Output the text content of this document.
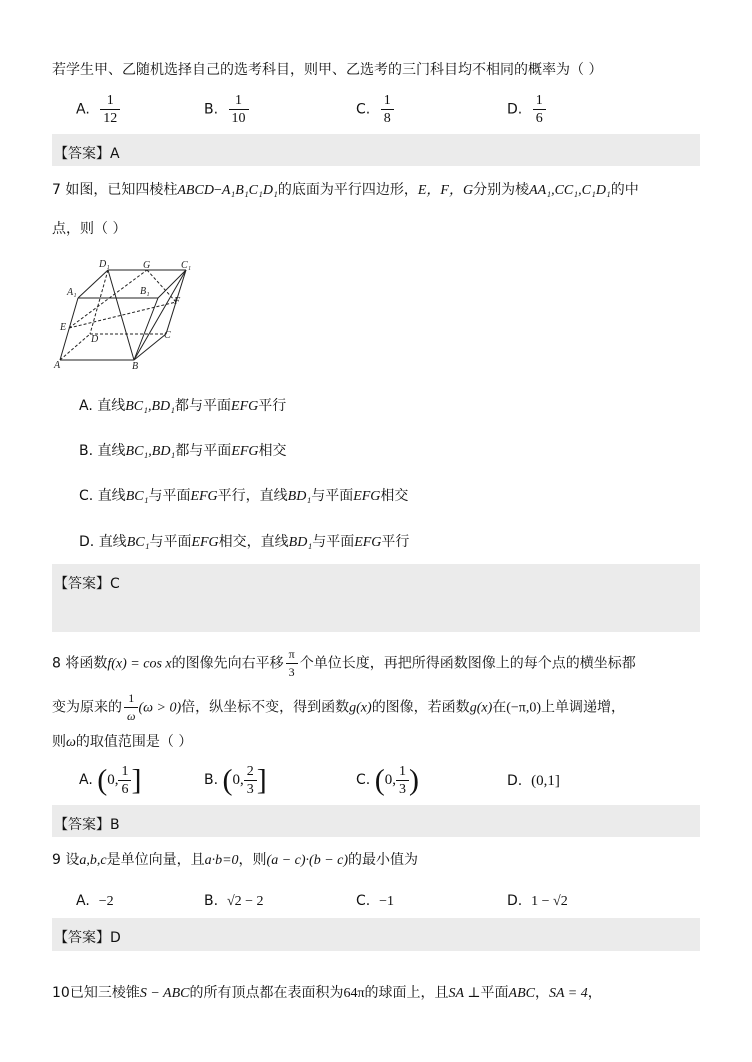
若学生甲、乙随机选择自己的选考科目，则甲、乙选考的三门科目均不相同的概率为（ ）
A. $\frac{1}{12}$	B. $\frac{1}{10}$	C. $\frac{1}{8}$	D. $\frac{1}{6}$
【答案】A
7 如图，已知四棱柱ABCD−A₁B₁C₁D₁的底面为平行四边形，E，F，G分别为棱AA₁,CC₁,C₁D₁的中
点，则（ ）
D₁	G	C₁
A₁	B₁
F
E
D	C
A	B
A. 直线BC₁,BD₁都与平面EFG平行
B. 直线BC₁,BD₁都与平面EFG相交
C. 直线BC₁与平面EFG平行，直线BD₁与平面EFG相交
D. 直线BC₁与平面EFG相交，直线BD₁与平面EFG平行
【答案】C
8 将函数f(x) = cos x的图像先向右平移 $\frac{\pi}{3}$ 个单位长度，再把所得函数图像上的每个点的横坐标都
变为原来的 $\frac{1}{\omega} (\omega > 0)$倍，纵坐标不变，得到函数g(x)的图像，若函数g(x)在(−π,0)上单调递增，
则ω的取值范围是（ ）
A. (0, $\frac{1}{6}$ ]	B. (0, $\frac{2}{3}$ ]	C. (0, $\frac{1}{3}$ )	D. (0,1]
【答案】B
9 设a,b,c是单位向量，且a·b=0，则(a − c)·(b − c)的最小值为
A. −2	B. √2 − 2	C. −1	D. 1 − √2
【答案】D
10已知三棱锥S − ABC的所有顶点都在表面积为64π的球面上，且SA ⊥平面ABC，SA = 4，
